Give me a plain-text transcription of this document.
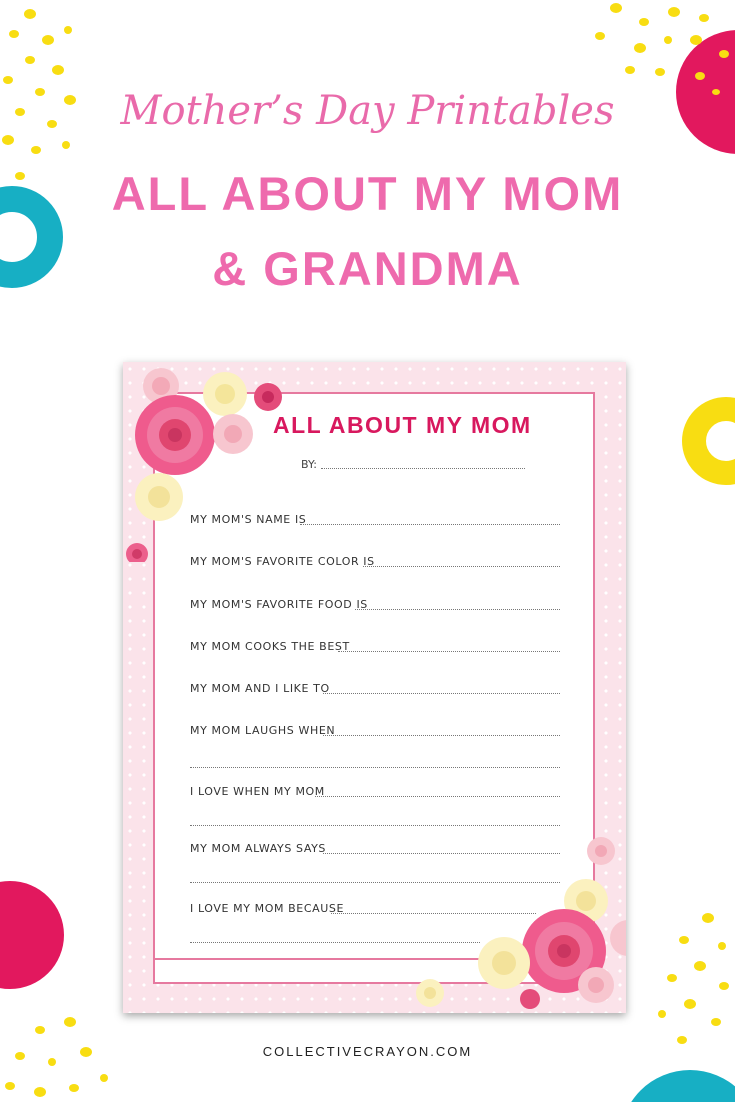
Mother’s Day Printables
ALL ABOUT MY MOM
& GRANDMA
ALL ABOUT MY MOM
BY:
MY MOM'S NAME IS
MY MOM'S FAVORITE COLOR IS
MY MOM'S FAVORITE FOOD IS
MY MOM COOKS THE BEST
MY MOM AND I LIKE TO
MY MOM LAUGHS WHEN
I LOVE WHEN MY MOM
MY MOM ALWAYS SAYS
I LOVE MY MOM BECAUSE
COLLECTIVECRAYON.COM
